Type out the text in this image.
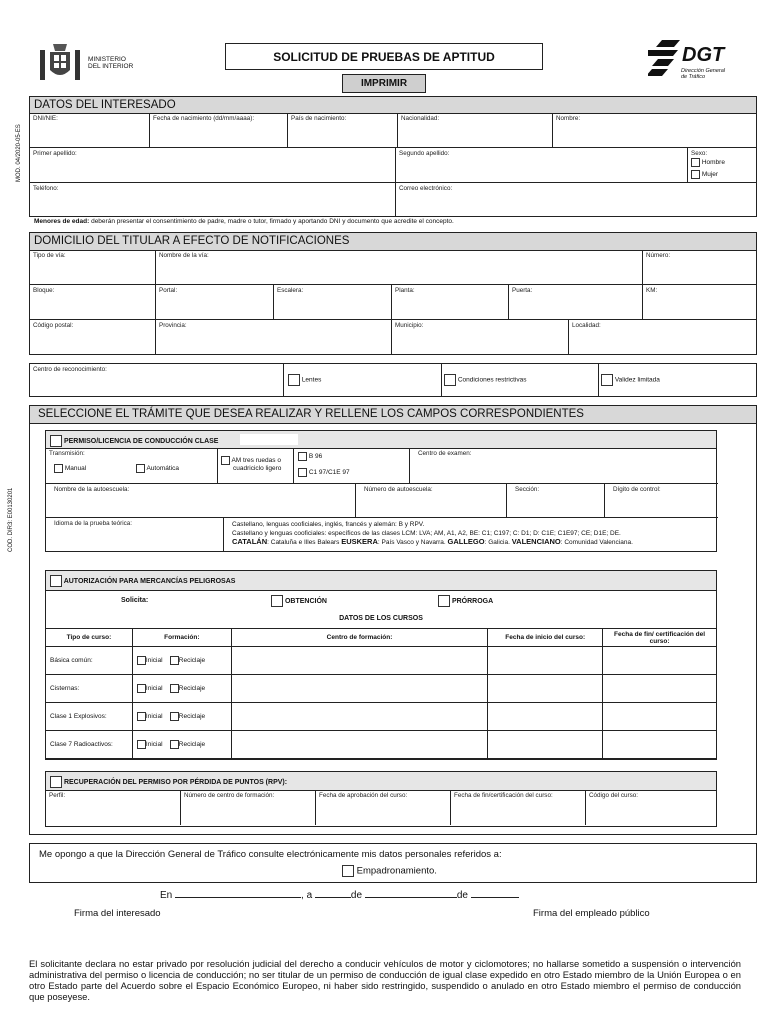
MINISTERIO
DEL INTERIOR
SOLICITUD DE PRUEBAS DE APTITUD
IMPRIMIR
DGT
Dirección General
de Tráfico
MOD. 04/2020-05-ES
COD. DIR3: E00130201
DATOS DEL INTERESADO
DNI/NIE:	Fecha de nacimiento (dd/mm/aaaa):	País de nacimiento:	Nacionalidad:	Nombre:
Primer apellido:	Segundo apellido:	Sexo:
Hombre
Mujer
Teléfono:	Correo electrónico:
Menores de edad: deberán presentar el consentimiento de padre, madre o tutor, firmado y aportando DNI y documento que acredite el concepto.
DOMICILIO DEL TITULAR A EFECTO DE NOTIFICACIONES
Tipo de vía:	Nombre de la vía:	Número:
Bloque:	Portal:	Escalera:	Planta:	Puerta:	KM:
Código postal:	Provincia:	Municipio:	Localidad:
Centro de reconocimiento:
Lentes	Condiciones restrictivas	Validez limitada
SELECCIONE EL TRÁMITE QUE DESEA REALIZAR Y RELLENE LOS CAMPOS CORRESPONDIENTES
PERMISO/LICENCIA DE CONDUCCIÓN CLASE
Transmisión:
Manual	Automática
AM tres ruedas o
cuadriciclo ligero
B 96
C1 97/C1E 97
Centro de examen:
Nombre de la autoescuela:	Número de autoescuela:	Sección:	Dígito de control:
Idioma de la prueba teórica:	Castellano, lenguas cooficiales, inglés, francés y alemán: B y RPV.
Castellano y lenguas cooficiales: específicos de las clases LCM: LVA; AM, A1, A2, BE: C1; C197; C: D1; D: C1E; C1E97; CE; D1E; DE.
CATALÁN: Cataluña e Illes Balears EUSKERA: País Vasco y Navarra. GALLEGO: Galicia. VALENCIANO: Comunidad Valenciana.
AUTORIZACIÓN PARA MERCANCÍAS PELIGROSAS
Solicita:	OBTENCIÓN	PRÓRROGA
DATOS DE LOS CURSOS
Tipo de curso:	Formación:	Centro de formación:	Fecha de inicio del curso:	Fecha de fin/ certificación del curso:
Básica común:	Inicial Reciclaje			
Cisternas:	Inicial Reciclaje			
Clase 1 Explosivos:	Inicial Reciclaje			
Clase 7 Radioactivos:	Inicial Reciclaje			
RECUPERACIÓN DEL PERMISO POR PÉRDIDA DE PUNTOS (RPV):
Perfil:	Número de centro de formación:	Fecha de aprobación del curso:	Fecha de fin/certificación del curso:	Código del curso:
Me opongo a que la Dirección General de Tráfico consulte electrónicamente mis datos personales referidos a:
Empadronamiento.
En	, a	de	de
Firma del interesado	Firma del empleado público
El solicitante declara no estar privado por resolución judicial del derecho a conducir vehículos de motor y ciclomotores; no hallarse sometido a suspensión o intervención administrativa del permiso o licencia de conducción; no ser titular de un permiso de conducción de igual clase expedido en otro Estado miembro de la Unión Europea o en otro Estado parte del Acuerdo sobre el Espacio Económico Europeo, ni haber sido restringido, suspendido o anulado en otro Estado miembro el permiso de conducción que poseyese.
